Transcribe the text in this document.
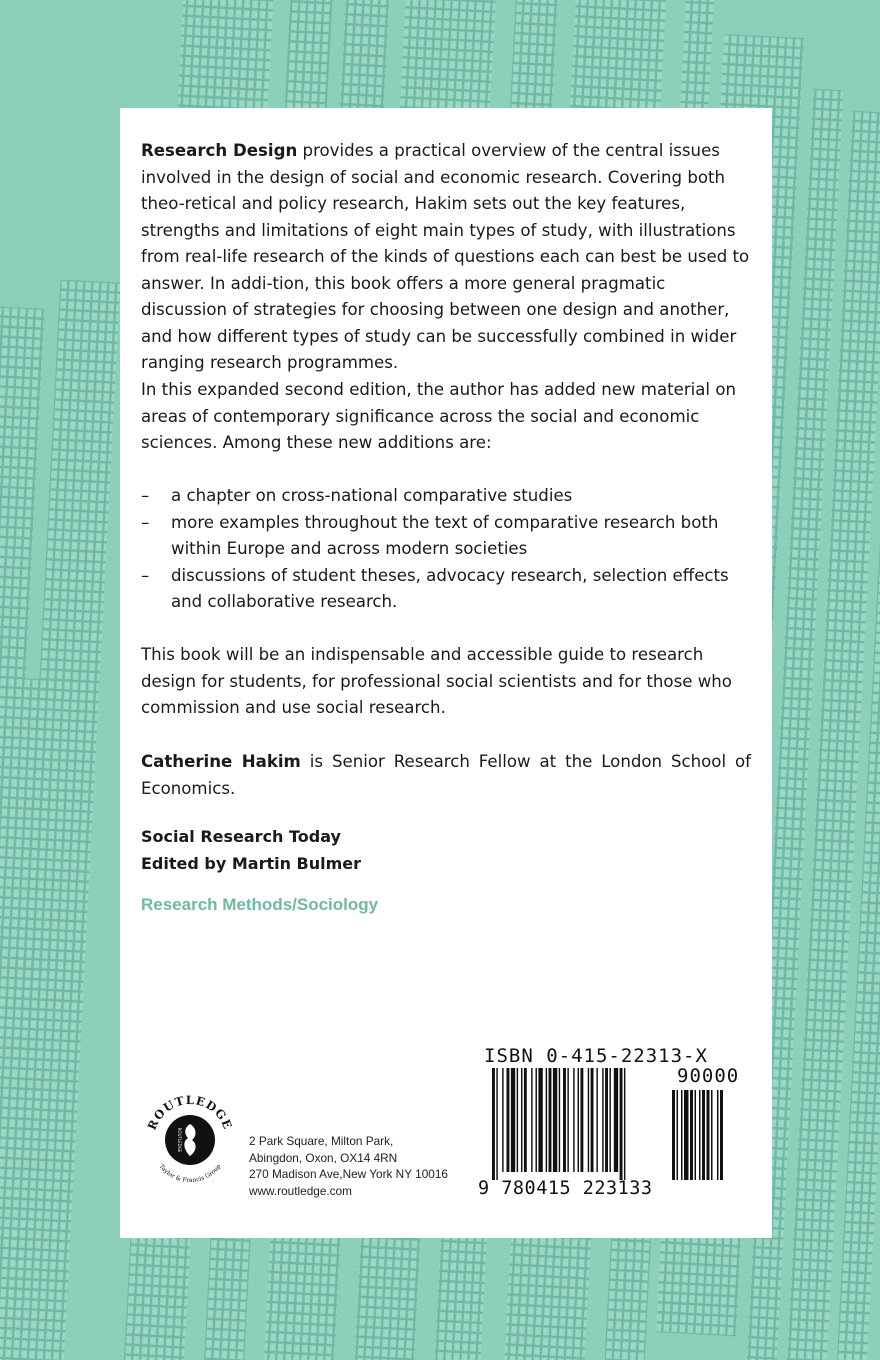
Research Design provides a practical overview of the central issues involved in the design of social and economic research. Covering both theo-retical and policy research, Hakim sets out the key features, strengths and limitations of eight main types of study, with illustrations from real-life research of the kinds of questions each can best be used to answer. In addi-tion, this book offers a more general pragmatic discussion of strategies for choosing between one design and another, and how different types of study can be successfully combined in wider ranging research programmes.

In this expanded second edition, the author has added new material on areas of contemporary significance across the social and economic sciences. Among these new additions are:
– a chapter on cross-national comparative studies
– more examples throughout the text of comparative research both within Europe and across modern societies
– discussions of student theses, advocacy research, selection effects and collaborative research.
This book will be an indispensable and accessible guide to research design for students, for professional social scientists and for those who commission and use social research.

Catherine Hakim is Senior Research Fellow at the London School of Economics.

Social Research Today
Edited by Martin Bulmer
Research Methods/Sociology
ROUTLEDGE
Taylor & Francis Group
ROUTLEDGE	2 Park Square, Milton Park,
Abingdon, Oxon, OX14 4RN
270 Madison Ave,New York NY 10016
www.routledge.com
ISBN 0-415-22313-X
90000
9 780415 223133
